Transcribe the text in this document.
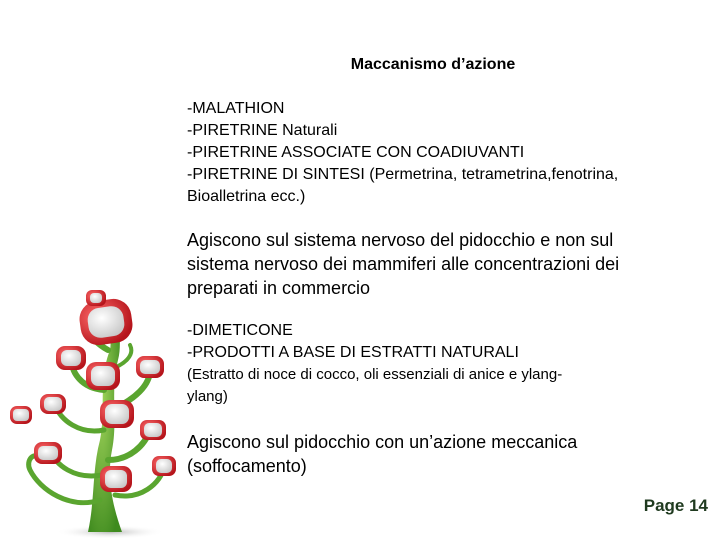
Maccanismo d’azione
-MALATHION
-PIRETRINE Naturali
-PIRETRINE ASSOCIATE CON COADIUVANTI
-PIRETRINE DI SINTESI (Permetrina, tetrametrina,fenotrina,
Bioalletrina ecc.)
Agiscono sul sistema nervoso del pidocchio e non sul
sistema nervoso dei mammiferi alle concentrazioni dei
preparati in commercio
-DIMETICONE
-PRODOTTI A BASE DI ESTRATTI NATURALI
(Estratto di noce di cocco, oli essenziali di anice e ylang-
ylang)
Agiscono sul pidocchio con un’azione meccanica
(soffocamento)
Page 14
